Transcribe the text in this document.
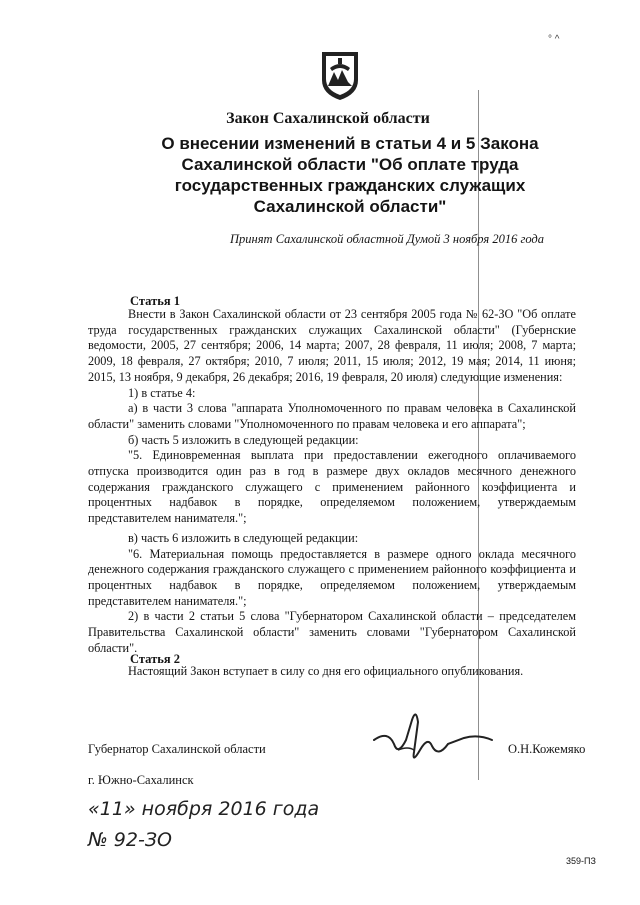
° ^
Закон Сахалинской области
О внесении изменений в статьи 4 и 5 Закона
Сахалинской области "Об оплате труда
государственных гражданских служащих
Сахалинской области"
Принят Сахалинской областной Думой 3 ноября 2016 года
Статья 1

Внести в Закон Сахалинской области от 23 сентября 2005 года № 62-ЗО "Об оплате труда государственных гражданских служащих Сахалинской области" (Губернские ведомости, 2005, 27 сентября; 2006, 14 марта; 2007, 28 февраля, 11 июля; 2008, 7 марта; 2009, 18 февраля, 27 октября; 2010, 7 июля; 2011, 15 июля; 2012, 19 мая; 2014, 11 июня; 2015, 13 ноября, 9 декабря, 26 декабря; 2016, 19 февраля, 20 июля) следующие изменения:

1) в статье 4:

а) в части 3 слова "аппарата Уполномоченного по правам человека в Сахалинской области" заменить словами "Уполномоченного по правам человека и его аппарата";

б) часть 5 изложить в следующей редакции:

"5. Единовременная выплата при предоставлении ежегодного оплачиваемого отпуска производится один раз в год в размере двух окладов месячного денежного содержания гражданского служащего с применением районного коэффициента и процентных надбавок в порядке, определяемом положением, утверждаемым представителем нанимателя.";

в) часть 6 изложить в следующей редакции:

"6. Материальная помощь предоставляется в размере одного оклада месячного денежного содержания гражданского служащего с применением районного коэффициента и процентных надбавок в порядке, определяемом положением, утверждаемым представителем нанимателя.";

2) в части 2 статьи 5 слова "Губернатором Сахалинской области – председателем Правительства Сахалинской области" заменить словами "Губернатором Сахалинской области".

Статья 2

Настоящий Закон вступает в силу со дня его официального опубликования.

Губернатор Сахалинской области	О.Н.Кожемяко
г. Южно-Сахалинск
«11» ноября 2016 года
№ 92-ЗО
359-ПЗ
